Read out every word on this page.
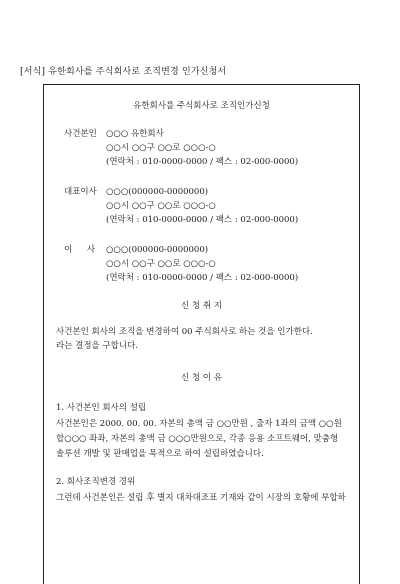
[서식] 유한회사를 주식회사로 조직변경 인가신청서
유한회사를 주식회사로 조직인가신청
사건본인 ○○○ 유한회사
○○시 ○○구 ○○로 ○○○-○
(연락처 : 010-0000-0000 / 팩스 : 02-000-0000)
대표이사 ○○○(000000-0000000)
○○시 ○○구 ○○로 ○○○-○
(연락처 : 010-0000-0000 / 팩스 : 02-000-0000)
이 사 ○○○(000000-0000000)
○○시 ○○구 ○○로 ○○○-○
(연락처 : 010-0000-0000 / 팩스 : 02-000-0000)
신 청 취 지
사건본인 회사의 조직을 변경하여 00 주식회사로 하는 것을 인가한다.
라는 결정을 구합니다.
신 청 이 유
1. 사건본인 회사의 설립
사건본인은 2000. 00. 00. 자본의 총액 금 ○○만원 , 출자 1좌의 금액 ○○원
합○○○ 좌좌, 자본의 총액 금 ○○○만원으로, 각종 응용 소프트웨어, 맞춤형
솔루션 개발 및 판매업을 목적으로 하여 설립하였습니다.
2. 회사조직변경 경위
그런데 사건본인은 설립 후 별지 대차대조표 기재와 같이 시장의 호황에 부합하
